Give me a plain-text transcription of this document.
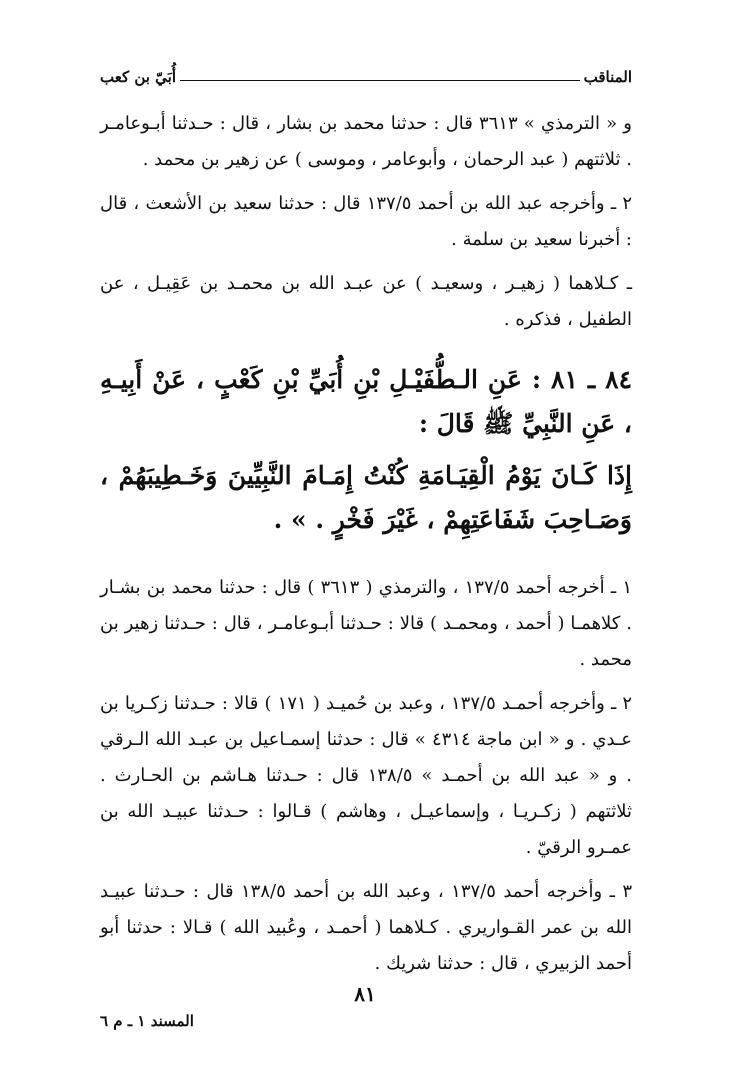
المناقب
أُبَيّ بن كعب

و « الترمذي » ٣٦١٣ قال : حدثنا محمد بن بشار ، قال : حـدثنا أبـوعامـر . ثلاثتهم ( عبد الرحمان ، وأبوعامر ، وموسى ) عن زهير بن محمد .

٢ ـ وأخرجه عبد الله بن أحمد ١٣٧/٥ قال : حدثنا سعيد بن الأشعث ، قال : أخبرنا سعيد بن سلمة .

ـ كـلاهما ( زهيـر ، وسعيـد ) عن عبـد الله بن محمـد بن عَقِيـل ، عن الطفيل ، فذكره .

٨٤ ـ ٨١ : عَنِ الـطُّفَيْـلِ بْنِ أُبَيِّ بْنِ كَعْبٍ ، عَنْ أَبِيـهِ ، عَنِ النَّبِيِّ ﷺ قَالَ :

إِذَا كَـانَ يَوْمُ الْقِيَـامَةِ كُنْتُ إِمَـامَ النَّبِيِّينَ وَخَـطِيبَهُمْ ، وَصَـاحِبَ شَفَاعَتِهِمْ ، غَيْرَ فَخْرٍ . » .

١ ـ أخرجه أحمد ١٣٧/٥ ، والترمذي ( ٣٦١٣ ) قال : حدثنا محمد بن بشـار . كلاهمـا ( أحمد ، ومحمـد ) قالا : حـدثنا أبـوعامـر ، قال : حـدثنا زهير بن محمد .

٢ ـ وأخرجه أحمـد ١٣٧/٥ ، وعبد بن حُميـد ( ١٧١ ) قالا : حـدثنا زكـريا بن عـدي . و « ابن ماجة ٤٣١٤ » قال : حدثنا إسمـاعيل بن عبـد الله الـرقي . و « عبد الله بن أحمـد » ١٣٨/٥ قال : حـدثنا هـاشم بن الحـارث . ثلاثتهم ( زكـريـا ، وإسماعيـل ، وهاشم ) قـالوا : حـدثنا عبيـد الله بن عمـرو الرقيّ .

٣ ـ وأخرجه أحمد ١٣٧/٥ ، وعبد الله بن أحمد ١٣٨/٥ قال : حـدثنا عبيـد الله بن عمر القـواريري . كـلاهما ( أحمـد ، وعُبيد الله ) قـالا : حدثنا أبو أحمد الزبيري ، قال : حدثنا شريك .

٨١
المسند ١ ـ م ٦
